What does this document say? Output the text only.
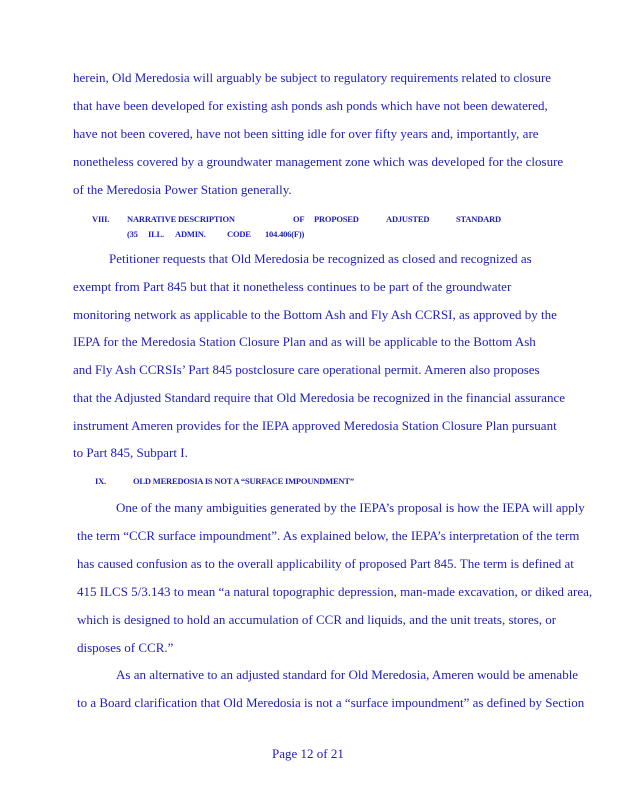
herein, Old Meredosia will arguably be subject to regulatory requirements related to closure
that have been developed for existing ash ponds ash ponds which have not been dewatered,
have not been covered, have not been sitting idle for over fifty years and, importantly, are
nonetheless covered by a groundwater management zone which was developed for the closure
of the Meredosia Power Station generally.
VIII. NARRATIVE DESCRIPTION	OF PROPOSED	ADJUSTED	STANDARD
(35 ILL. ADMIN.	CODE 104.406(F))
Petitioner requests that Old Meredosia be recognized as closed and recognized as
exempt from Part 845 but that it nonetheless continues to be part of the groundwater
monitoring network as applicable to the Bottom Ash and Fly Ash CCRSI, as approved by the
IEPA for the Meredosia Station Closure Plan and as will be applicable to the Bottom Ash
and Fly Ash CCRSIs’ Part 845 postclosure care operational permit. Ameren also proposes
that the Adjusted Standard require that Old Meredosia be recognized in the financial assurance
instrument Ameren provides for the IEPA approved Meredosia Station Closure Plan pursuant
to Part 845, Subpart I.
IX.	OLD MEREDOSIA IS NOT A “SURFACE IMPOUNDMENT”
One of the many ambiguities generated by the IEPA’s proposal is how the IEPA will apply
the term “CCR surface impoundment”. As explained below, the IEPA’s interpretation of the term
has caused confusion as to the overall applicability of proposed Part 845. The term is defined at
415 ILCS 5/3.143 to mean “a natural topographic depression, man-made excavation, or diked area,
which is designed to hold an accumulation of CCR and liquids, and the unit treats, stores, or
disposes of CCR.”
As an alternative to an adjusted standard for Old Meredosia, Ameren would be amenable
to a Board clarification that Old Meredosia is not a “surface impoundment” as defined by Section
Page 12 of 21
